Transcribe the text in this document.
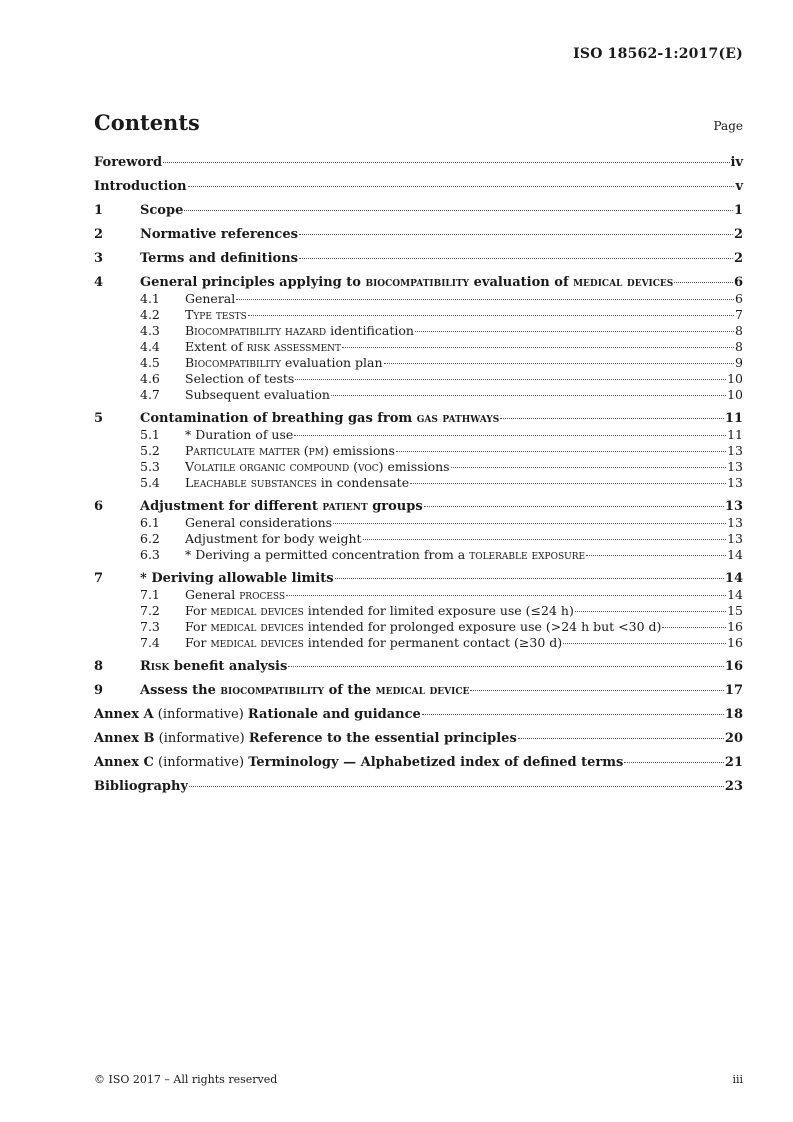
ISO 18562-1:2017(E)
Contents	Page
Foreword	iv
Introduction	v
1	Scope	1
2	Normative references	2
3	Terms and definitions	2
4	General principles applying to biocompatibility evaluation of medical devices	6
4.1	General	6
4.2	Type tests	7
4.3	Biocompatibility hazard identification	8
4.4	Extent of risk assessment	8
4.5	Biocompatibility evaluation plan	9
4.6	Selection of tests	10
4.7	Subsequent evaluation	10
5	Contamination of breathing gas from gas pathways	11
5.1	* Duration of use	11
5.2	Particulate matter (pm) emissions	13
5.3	Volatile organic compound (voc) emissions	13
5.4	Leachable substances in condensate	13
6	Adjustment for different patient groups	13
6.1	General considerations	13
6.2	Adjustment for body weight	13
6.3	* Deriving a permitted concentration from a tolerable exposure	14
7	* Deriving allowable limits	14
7.1	General process	14
7.2	For medical devices intended for limited exposure use (≤24 h)	15
7.3	For medical devices intended for prolonged exposure use (>24 h but <30 d)	16
7.4	For medical devices intended for permanent contact (≥30 d)	16
8	Risk benefit analysis	16
9	Assess the biocompatibility of the medical device	17
Annex A (informative) Rationale and guidance	18
Annex B (informative) Reference to the essential principles	20
Annex C (informative) Terminology — Alphabetized index of defined terms	21
Bibliography	23
© ISO 2017 – All rights reserved	iii
